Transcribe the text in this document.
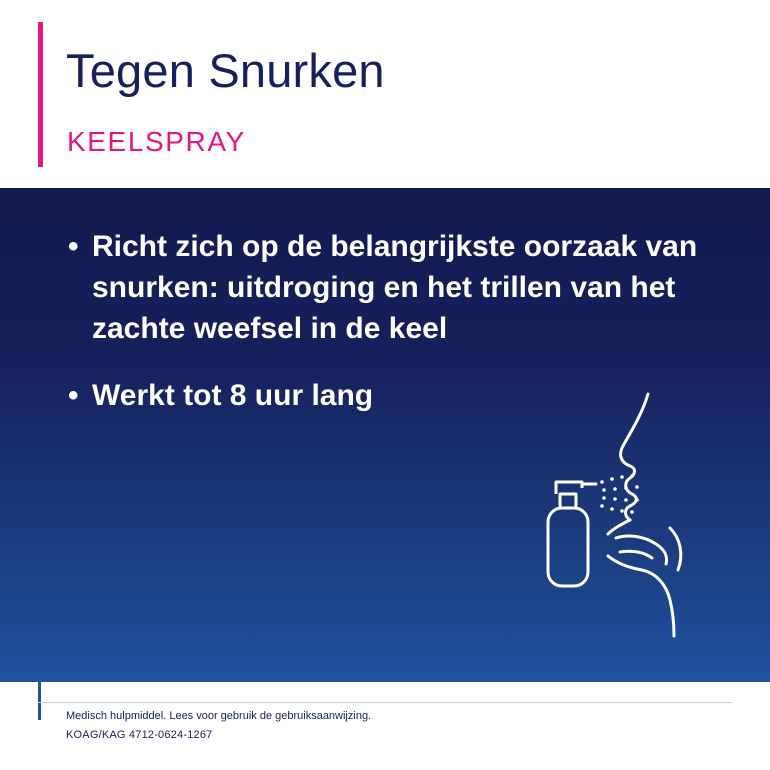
Tegen Snurken
KEELSPRAY
• Richt zich op de belangrijkste oorzaak van snurken: uitdroging en het trillen van het zachte weefsel in de keel
• Werkt tot 8 uur lang
Medisch hulpmiddel. Lees voor gebruik de gebruiksaanwijzing.
KOAG/KAG 4712-0624-1267
